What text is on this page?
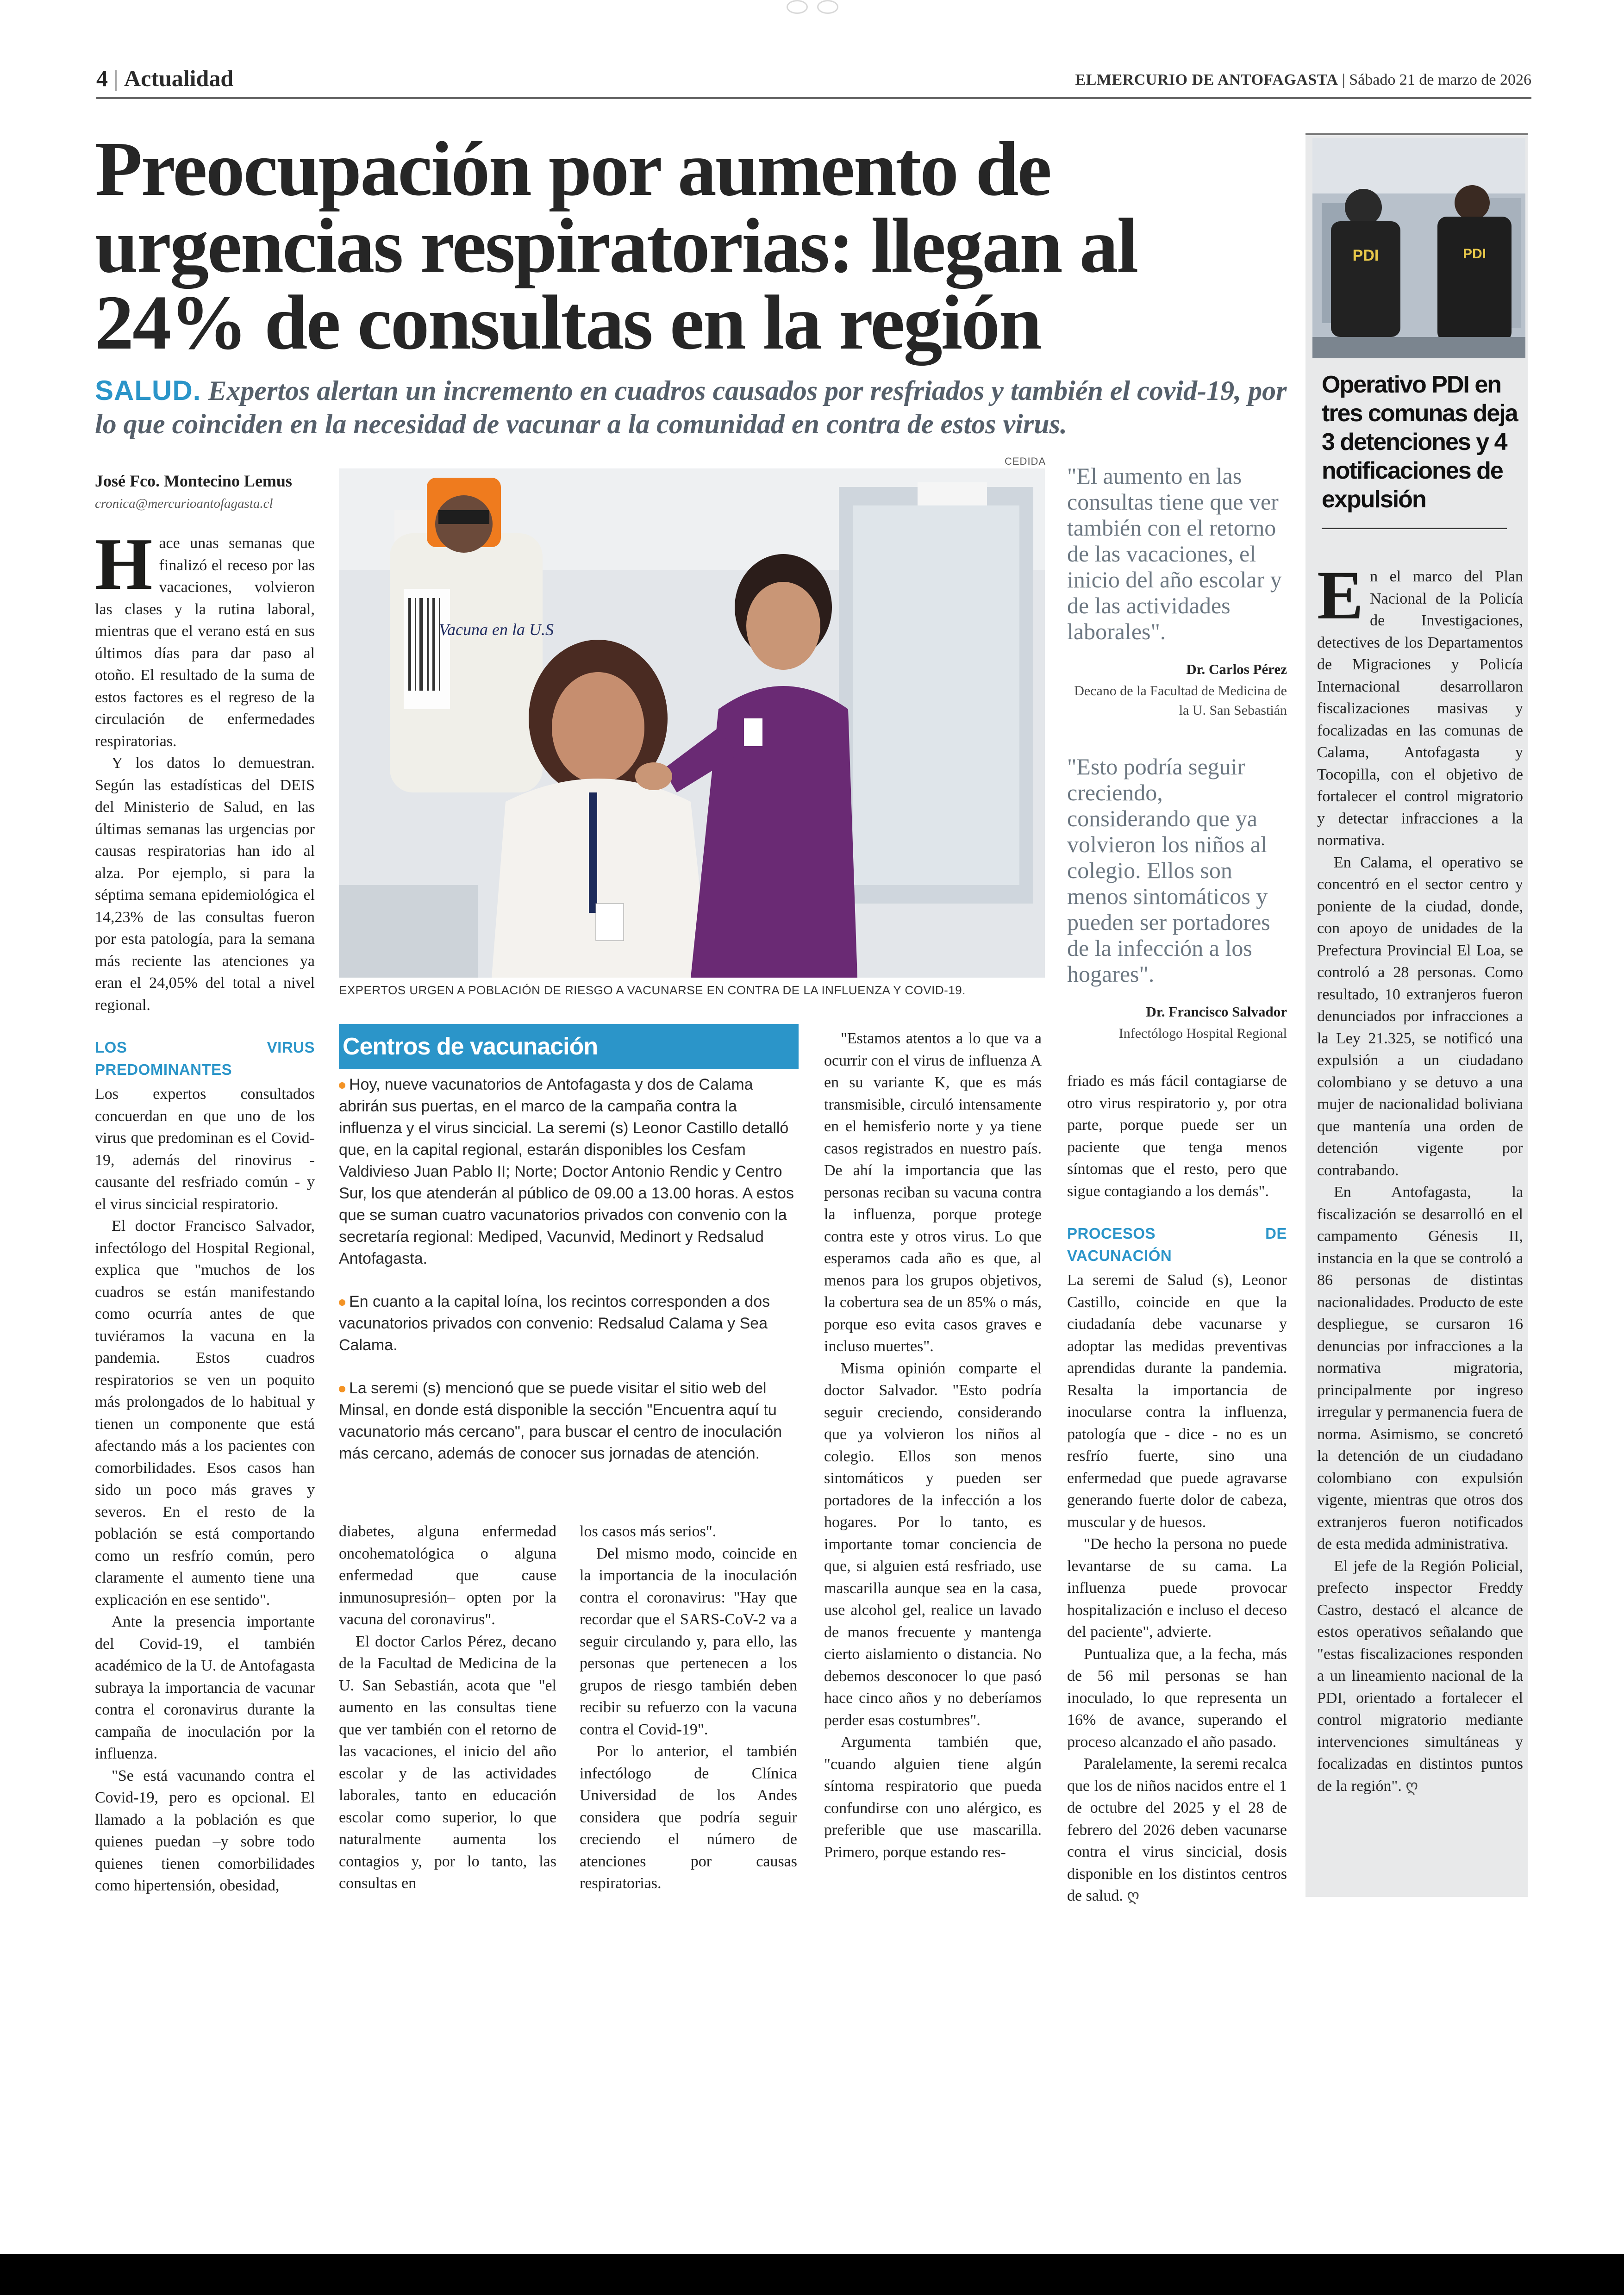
4 | Actualidad	ELMERCURIO DE ANTOFAGASTA | Sábado 21 de marzo de 2026
Preocupación por aumento de urgencias respiratorias: llegan al 24% de consultas en la región
SALUD. Expertos alertan un incremento en cuadros causados por resfriados y también el covid-19, por lo que coinciden en la necesidad de vacunar a la comunidad en contra de estos virus.
José Fco. Montecino Lemus
cronica@mercurioantofagasta.cl

Hace unas semanas que finalizó el receso por las vacaciones, volvieron las clases y la rutina laboral, mientras que el verano está en sus últimos días para dar paso al otoño. El resultado de la suma de estos factores es el regreso de la circulación de enfermedades respiratorias.

Y los datos lo demuestran. Según las estadísticas del DEIS del Ministerio de Salud, en las últimas semanas las urgencias por causas respiratorias han ido al alza. Por ejemplo, si para la séptima semana epidemiológica el 14,23% de las consultas fueron por esta patología, para la semana más reciente las atenciones ya eran el 24,05% del total a nivel regional.

LOS VIRUS PREDOMINANTES

Los expertos consultados concuerdan en que uno de los virus que predominan es el Covid-19, además del rinovirus - causante del resfriado común - y el virus sincicial respiratorio.

El doctor Francisco Salvador, infectólogo del Hospital Regional, explica que "muchos de los cuadros se están manifestando como ocurría antes de que tuviéramos la vacuna en la pandemia. Estos cuadros respiratorios se ven un poquito más prolongados de lo habitual y tienen un componente que está afectando más a los pacientes con comorbilidades. Esos casos han sido un poco más graves y severos. En el resto de la población se está comportando como un resfrío común, pero claramente el aumento tiene una explicación en ese sentido".

Ante la presencia importante del Covid-19, el también académico de la U. de Antofagasta subraya la importancia de vacunar contra el coronavirus durante la campaña de inoculación por la influenza.

"Se está vacunando contra el Covid-19, pero es opcional. El llamado a la población es que quienes puedan –y sobre todo quienes tienen comorbilidades como hipertensión, obesidad,

CEDIDA
Vacuna en la U.S
EXPERTOS URGEN A POBLACIÓN DE RIESGO A VACUNARSE EN CONTRA DE LA INFLUENZA Y COVID-19.
Centros de vacunación
Hoy, nueve vacunatorios de Antofagasta y dos de Calama abrirán sus puertas, en el marco de la campaña contra la influenza y el virus sincicial. La seremi (s) Leonor Castillo detalló que, en la capital regional, estarán disponibles los Cesfam Valdivieso Juan Pablo II; Norte; Doctor Antonio Rendic y Centro Sur, los que atenderán al público de 09.00 a 13.00 horas. A estos que se suman cuatro vacunatorios privados con convenio con la secretaría regional: Mediped, Vacunvid, Medinort y Redsalud Antofagasta.
En cuanto a la capital loína, los recintos corresponden a dos vacunatorios privados con convenio: Redsalud Calama y Sea Calama.
La seremi (s) mencionó que se puede visitar el sitio web del Minsal, en donde está disponible la sección "Encuentra aquí tu vacunatorio más cercano", para buscar el centro de inoculación más cercano, además de conocer sus jornadas de atención.

diabetes, alguna enfermedad oncohematológica o alguna enfermedad que cause inmunosupresión– opten por la vacuna del coronavirus".

El doctor Carlos Pérez, decano de la Facultad de Medicina de la U. San Sebastián, acota que "el aumento en las consultas tiene que ver también con el retorno de las vacaciones, el inicio del año escolar y de las actividades laborales, tanto en educación escolar como superior, lo que naturalmente aumenta los contagios y, por lo tanto, las consultas en

los casos más serios".

Del mismo modo, coincide en la importancia de la inoculación contra el coronavirus: "Hay que recordar que el SARS-CoV-2 va a seguir circulando y, para ello, las personas que pertenecen a los grupos de riesgo también deben recibir su refuerzo con la vacuna contra el Covid-19".

Por lo anterior, el también infectólogo de Clínica Universidad de los Andes considera que podría seguir creciendo el número de atenciones por causas respiratorias.

"Estamos atentos a lo que va a ocurrir con el virus de influenza A en su variante K, que es más transmisible, circuló intensamente en el hemisferio norte y ya tiene casos registrados en nuestro país. De ahí la importancia que las personas reciban su vacuna contra la influenza, porque protege contra este y otros virus. Lo que esperamos cada año es que, al menos para los grupos objetivos, la cobertura sea de un 85% o más, porque eso evita casos graves e incluso muertes".

Misma opinión comparte el doctor Salvador. "Esto podría seguir creciendo, considerando que ya volvieron los niños al colegio. Ellos son menos sintomáticos y pueden ser portadores de la infección a los hogares. Por lo tanto, es importante tomar conciencia de que, si alguien está resfriado, use mascarilla aunque sea en la casa, use alcohol gel, realice un lavado de manos frecuente y mantenga cierto aislamiento o distancia. No debemos desconocer lo que pasó hace cinco años y no deberíamos perder esas costumbres".

Argumenta también que, "cuando alguien tiene algún síntoma respiratorio que pueda confundirse con uno alérgico, es preferible que use mascarilla. Primero, porque estando res-

"El aumento en las consultas tiene que ver también con el retorno de las vacaciones, el inicio del año escolar y de las actividades laborales".
Dr. Carlos Pérez
Decano de la Facultad de Medicina de la U. San Sebastián
"Esto podría seguir creciendo, considerando que ya volvieron los niños al colegio. Ellos son menos sintomáticos y pueden ser portadores de la infección a los hogares".
Dr. Francisco Salvador
Infectólogo Hospital Regional

friado es más fácil contagiarse de otro virus respiratorio y, por otra parte, porque puede ser un paciente que tenga menos síntomas que el resto, pero que sigue contagiando a los demás".

PROCESOS DE VACUNACIÓN

La seremi de Salud (s), Leonor Castillo, coincide en que la ciudadanía debe vacunarse y adoptar las medidas preventivas aprendidas durante la pandemia. Resalta la importancia de inocularse contra la influenza, patología que - dice - no es un resfrío fuerte, sino una enfermedad que puede agravarse generando fuerte dolor de cabeza, muscular y de huesos.

"De hecho la persona no puede levantarse de su cama. La influenza puede provocar hospitalización e incluso el deceso del paciente", advierte.

Puntualiza que, a la fecha, más de 56 mil personas se han inoculado, lo que representa un 16% de avance, superando el proceso alcanzado el año pasado.

Paralelamente, la seremi recalca que los de niños nacidos entre el 1 de octubre del 2025 y el 28 de febrero del 2026 deben vacunarse contra el virus sincicial, dosis disponible en los distintos centros de salud. ღ

PDI	PDI
Operativo PDI en tres comunas deja 3 detenciones y 4 notificaciones de expulsión

En el marco del Plan Nacional de la Policía de Investigaciones, detectives de los Departamentos de Migraciones y Policía Internacional desarrollaron fiscalizaciones masivas y focalizadas en las comunas de Calama, Antofagasta y Tocopilla, con el objetivo de fortalecer el control migratorio y detectar infracciones a la normativa.

En Calama, el operativo se concentró en el sector centro y poniente de la ciudad, donde, con apoyo de unidades de la Prefectura Provincial El Loa, se controló a 28 personas. Como resultado, 10 extranjeros fueron denunciados por infracciones a la Ley 21.325, se notificó una expulsión a un ciudadano colombiano y se detuvo a una mujer de nacionalidad boliviana que mantenía una orden de detención vigente por contrabando.

En Antofagasta, la fiscalización se desarrolló en el campamento Génesis II, instancia en la que se controló a 86 personas de distintas nacionalidades. Producto de este despliegue, se cursaron 16 denuncias por infracciones a la normativa migratoria, principalmente por ingreso irregular y permanencia fuera de norma. Asimismo, se concretó la detención de un ciudadano colombiano con expulsión vigente, mientras que otros dos extranjeros fueron notificados de esta medida administrativa.

El jefe de la Región Policial, prefecto inspector Freddy Castro, destacó el alcance de estos operativos señalando que "estas fiscalizaciones responden a un lineamiento nacional de la PDI, orientado a fortalecer el control migratorio mediante intervenciones simultáneas y focalizadas en distintos puntos de la región". ღ
